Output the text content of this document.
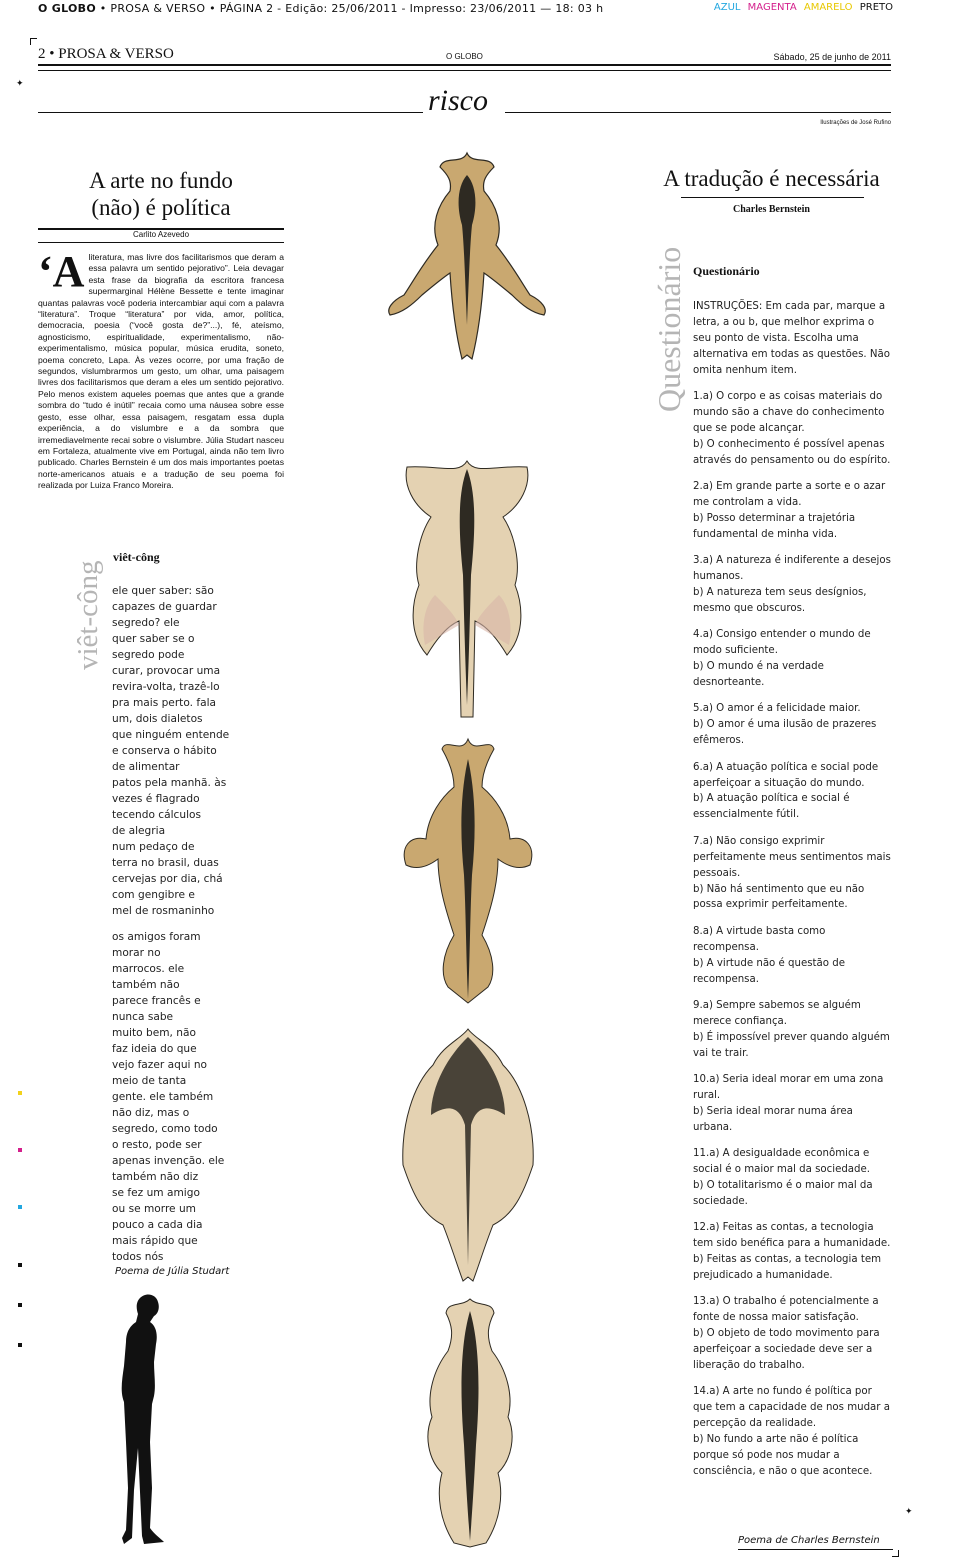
O GLOBO • PROSA & VERSO • PÁGINA 2 - Edição: 25/06/2011 - Impresso: 23/06/2011 — 18: 03 h	AZUL MAGENTA AMARELO PRETO
✦
✦
2 • PROSA & VERSO	O GLOBO	Sábado, 25 de junho de 2011
risco
Ilustrações de José Rufino
A arte no fundo
(não) é política
Carlito Azevedo
‘Aliteratura, mas livre dos facilitarismos que deram a essa palavra um sentido pejorativo”. Leia devagar esta frase da biografia da escritora francesa supermarginal Hélène Bessette e tente imaginar quantas palavras você poderia intercambiar aqui com a palavra “literatura”. Troque “literatura” por vida, amor, política, democracia, poesia (“você gosta de?”...), fé, ateísmo, agnosticismo, espiritualidade, experimentalismo, não-experimentalismo, música popular, música erudita, soneto, poema concreto, Lapa. Às vezes ocorre, por uma fração de segundos, vislumbrarmos um gesto, um olhar, uma paisagem livres dos facilitarismos que deram a eles um sentido pejorativo. Pelo menos existem aqueles poemas que antes que a grande sombra do “tudo é inútil” recaia como uma náusea sobre esse gesto, esse olhar, essa paisagem, resgatam essa dupla experiência, a do vislumbre e a da sombra que irremediavelmente recai sobre o vislumbre. Júlia Studart nasceu em Fortaleza, atualmente vive em Portugal, ainda não tem livro publicado. Charles Bernstein é um dos mais importantes poetas norte-americanos atuais e a tradução de seu poema foi realizada por Luiza Franco Moreira.
viêt-công
viêt-công
ele quer saber: são
capazes de guardar
segredo? ele
quer saber se o
segredo pode
curar, provocar uma
revira-volta, trazê-lo
pra mais perto. fala
um, dois dialetos
que ninguém entende
e conserva o hábito
de alimentar
patos pela manhã. às
vezes é flagrado
tecendo cálculos
de alegria
num pedaço de
terra no brasil, duas
cervejas por dia, chá
com gengibre e
mel de rosmaninho
os amigos foram
morar no
marrocos. ele
também não
parece francês e
nunca sabe
muito bem, não
faz ideia do que
vejo fazer aqui no
meio de tanta
gente. ele também
não diz, mas o
segredo, como todo
o resto, pode ser
apenas invenção. ele
também não diz
se fez um amigo
ou se morre um
pouco a cada dia
mais rápido que
todos nós
Poema de Júlia Studart
A tradução é necessária
Charles Bernstein
Questionário Questionário

INSTRUÇÕES: Em cada par, marque a letra, a ou b, que melhor exprima o seu ponto de vista. Escolha uma alternativa em todas as questões. Não omita nenhum item.

1.a) O corpo e as coisas materiais do mundo são a chave do conhecimento que se pode alcançar.
b) O conhecimento é possível apenas através do pensamento ou do espírito.

2.a) Em grande parte a sorte e o azar me controlam a vida.
b) Posso determinar a trajetória fundamental de minha vida.

3.a) A natureza é indiferente a desejos humanos.
b) A natureza tem seus desígnios, mesmo que obscuros.

4.a) Consigo entender o mundo de modo suficiente.
b) O mundo é na verdade desnorteante.

5.a) O amor é a felicidade maior.
b) O amor é uma ilusão de prazeres efêmeros.

6.a) A atuação política e social pode aperfeiçoar a situação do mundo.
b) A atuação política e social é essencialmente fútil.

7.a) Não consigo exprimir perfeitamente meus sentimentos mais pessoais.
b) Não há sentimento que eu não possa exprimir perfeitamente.

8.a) A virtude basta como recompensa.
b) A virtude não é questão de recompensa.

9.a) Sempre sabemos se alguém merece confiança.
b) É impossível prever quando alguém vai te trair.

10.a) Seria ideal morar em uma zona rural.
b) Seria ideal morar numa área urbana.

11.a) A desigualdade econômica e social é o maior mal da sociedade.
b) O totalitarismo é o maior mal da sociedade.

12.a) Feitas as contas, a tecnologia tem sido benéfica para a humanidade.
b) Feitas as contas, a tecnologia tem prejudicado a humanidade.

13.a) O trabalho é potencialmente a fonte de nossa maior satisfação.
b) O objeto de todo movimento para aperfeiçoar a sociedade deve ser a liberação do trabalho.

14.a) A arte no fundo é política por que tem a capacidade de nos mudar a percepção da realidade.
b) No fundo a arte não é política porque só pode nos mudar a consciência, e não o que acontece.

Poema de Charles Bernstein
